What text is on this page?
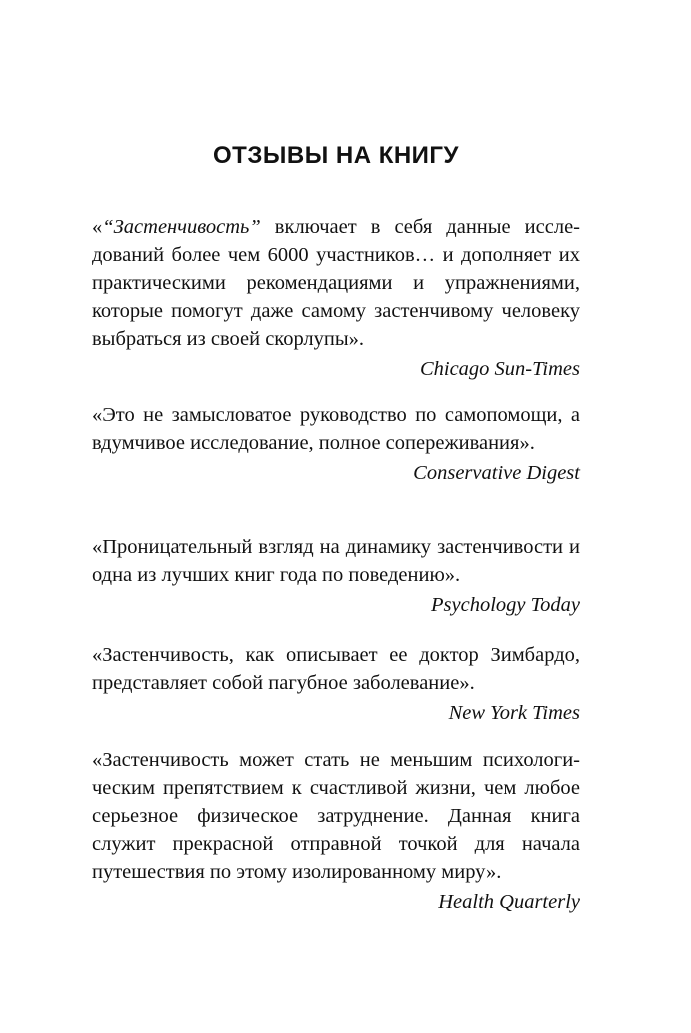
ОТЗЫВЫ НА КНИГУ

«“Застенчивость” включает в себя данные исследований более чем 6000 участников… и дополняет их практическими рекомендациями и упражнениями, которые помогут даже самому застенчивому человеку выбраться из своей скорлупы».

Chicago Sun-Times

«Это не замысловатое руководство по самопомощи, а вдумчивое исследование, полное сопереживания».

Conservative Digest

«Проницательный взгляд на динамику застенчивости и одна из лучших книг года по поведению».

Psychology Today

«Застенчивость, как описывает ее доктор Зимбардо, представляет собой пагубное заболевание».

New York Times

«Застенчивость может стать не меньшим психологическим препятствием к счастливой жизни, чем любое серьезное физическое затруднение. Данная книга служит прекрасной отправной точкой для начала путешествия по этому изолированному миру».

Health Quarterly
